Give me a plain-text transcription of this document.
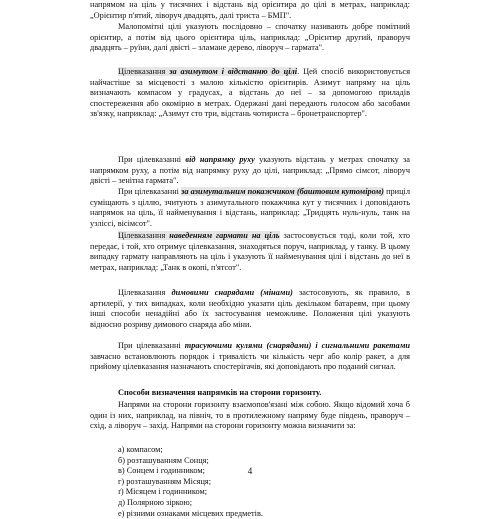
напрямом на ціль у тисячних і відстань від орієнтира до цілі в метрах, наприклад: „Орієнтир п'ятий, ліворуч двадцять, далі триста – БМП".

Малопомітні цілі указують послідовно – спочатку називають добре помітний орієнтир, а потім від цього орієнтира ціль, наприклад: „Орієнтир другий, праворуч двадцять – руїни, далі двісті – зламане дерево, ліворуч – гармата".

Цілевказання за азимутом і відстанню до цілі. Цей спосіб використовується найчастіше за місцевості з малою кількістю орієнтирів. Азимут напряму на ціль визначають компасом у градусах, а відстань до неї – за допомогою приладів спостереження або окомірно в метрах. Одержані дані передають голосом або засобами зв'язку, наприклад: „Азимут сто три, відстань чотириста – бронетранспортер".

При цілевказанні від напрямку руху указують відстань у метрах спочатку за напрямком руху, а потім від напрямку руху до цілі, наприклад: „Прямо сімсот, ліворуч двісті – зенітна гармата".

При цілевказанні за азимутальним покажчиком (баштовим кутоміром) приціл суміщають з ціллю, зчитують з азимутального покажчика кут у тисячних і доповідають напрямок на ціль, її найменування і відстань, наприклад: „Тридцять нуль-нуль, танк на узліссі, вісімсот".

Цілевказання наведенням гармати на ціль застосовується тоді, коли той, хто передає, і той, хто отримує цілевказання, знаходяться поруч, наприклад, у танку. В цьому випадку гармату направляють на ціль і указують її найменування цілі і відстань до неї в метрах, наприклад: „Танк в окопі, п'ятсот".

Цілевказання димовими снарядами (мінами) застосовують, як правило, в артилерії, у тих випадках, коли необхідно указати ціль декільком батареям, при цьому інші способи ненадійні або їх застосування неможливе. Положення цілі указують відносно розриву димового снаряда або міни.

При цілевказанні трасуючими кулями (снарядами) і сигнальними ракетами завчасно встановлюють порядок і тривалість чи кількість черг або колір ракет, а для прийому цілевказання назначають спостерігачів, які доповідають про поданий сигнал.

Способи визначення напрямків на сторони горизонту.

Напрями на сторони горизонту взаємопов'язані між собою. Якщо відомий хоча б один із них, наприклад, на північ, то в протилежному напряму буде південь, праворуч – схід, а ліворуч – захід. Напрями на сторони горизонту можна визначити за:

а) компасом;
б) розташуванням Сонця;
в) Сонцем і годинником;
г) розташуванням Місяця;
ґ) Місяцем і годинником;
д) Полярною зіркою;
е) різними ознаками місцевих предметів.
4
